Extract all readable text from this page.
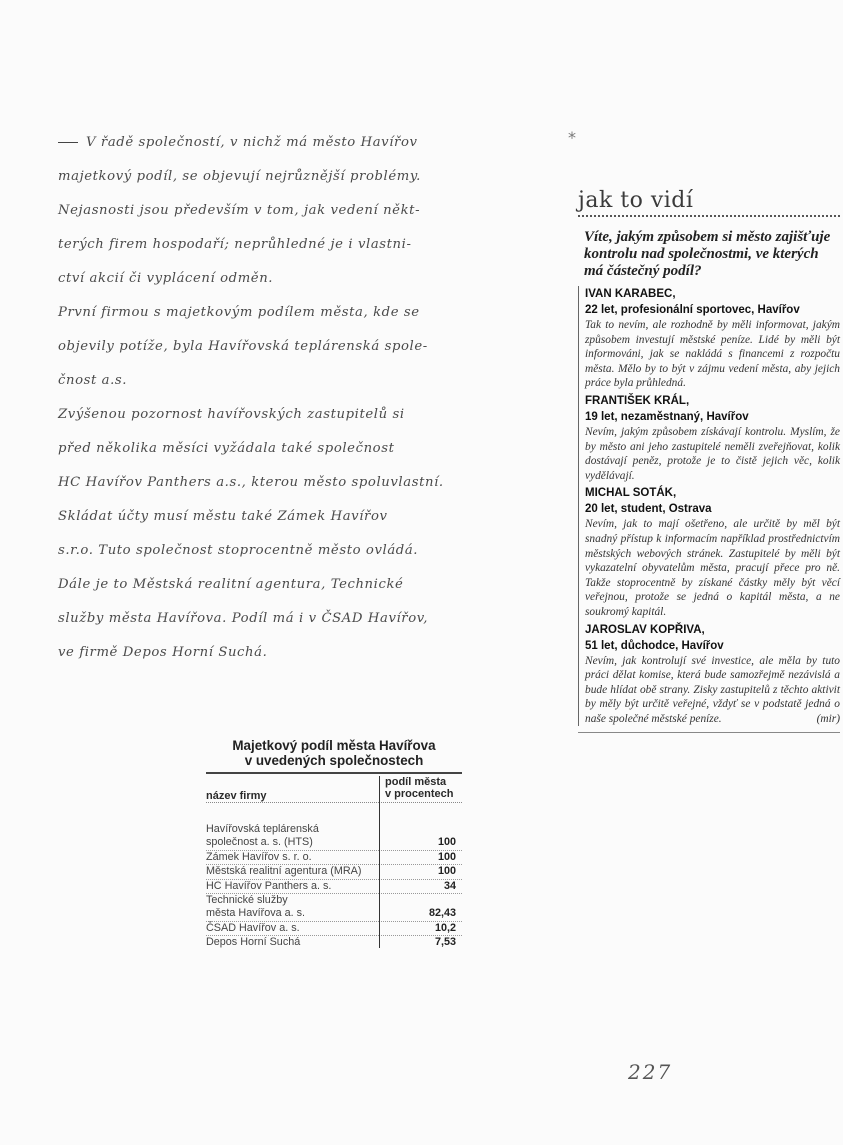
*
V řadě společností, v nichž má město Havířov
majetkový podíl, se objevují nejrůznější problémy.
Nejasnosti jsou především v tom, jak vedení někt-
terých firem hospodaří; neprůhledné je i vlastni-
ctví akcií či vyplácení odměn.
První firmou s majetkovým podílem města, kde se
objevily potíže, byla Havířovská teplárenská spole-
čnost a.s.
Zvýšenou pozornost havířovských zastupitelů si
před několika měsíci vyžádala také společnost
HC Havířov Panthers a.s., kterou město spoluvlastní.
Skládat účty musí městu také Zámek Havířov
s.r.o. Tuto společnost stoprocentně město ovládá.
Dále je to Městská realitní agentura, Technické
služby města Havířova. Podíl má i v ČSAD Havířov,
ve firmě Depos Horní Suchá.
jak to vidí
Víte, jakým způsobem si město zajišťuje kontrolu nad společnostmi, ve kterých má částečný podíl?
IVAN KARABEC,
22 let, profesionální sportovec, Havířov
Tak to nevím, ale rozhodně by měli informovat, jakým způsobem investují městské peníze. Lidé by měli být informováni, jak se nakládá s financemi z rozpočtu města. Mělo by to být v zájmu vedení města, aby jejich práce byla průhledná.
FRANTIŠEK KRÁL,
19 let, nezaměstnaný, Havířov
Nevím, jakým způsobem získávají kontrolu. Myslím, že by město ani jeho zastupitelé neměli zveřejňovat, kolik dostávají peněz, protože je to čistě jejich věc, kolik vydělávají.
MICHAL SOTÁK,
20 let, student, Ostrava
Nevím, jak to mají ošetřeno, ale určitě by měl být snadný přístup k informacím například prostřednictvím městských webových stránek. Zastupitelé by měli být vykazatelní obyvatelům města, pracují přece pro ně. Takže stoprocentně by získané částky měly být věcí veřejnou, protože se jedná o kapitál města, a ne soukromý kapitál.
JAROSLAV KOPŘIVA,
51 let, důchodce, Havířov
Nevím, jak kontrolují své investice, ale měla by tuto práci dělat komise, která bude samozřejmě nezávislá a bude hlídat obě strany. Zisky zastupitelů z těchto aktivit by měly být určitě veřejné, vždyť se v podstatě jedná o naše společné městské peníze.	(mir)
Majetkový podíl města Havířova
v uvedených společnostech
název firmy
podíl města
v procentech
Havířovská teplárenská
společnost a. s. (HTS)	100
Zámek Havířov s. r. o.	100
Městská realitní agentura (MRA)	100
HC Havířov Panthers a. s.	34
Technické služby
města Havířova a. s.	82,43
ČSAD Havířov a. s.	10,2
Depos Horní Suchá	7,53
227
